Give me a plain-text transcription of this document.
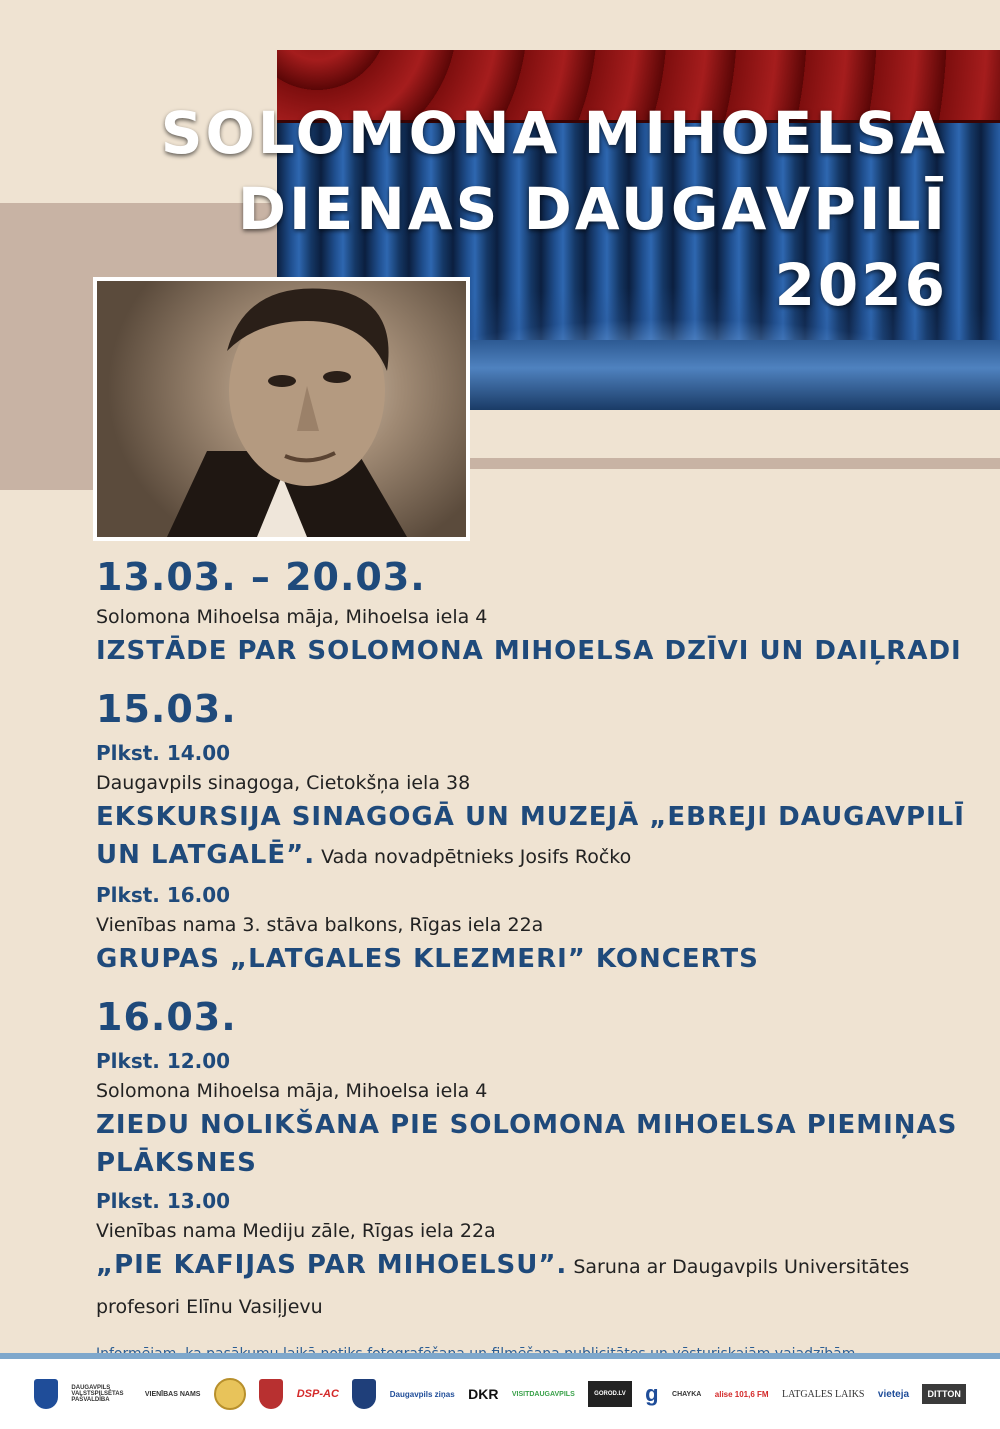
SOLOMONA MIHOELSA
DIENAS DAUGAVPILĪ
2026
13.03. – 20.03.
Solomona Mihoelsa māja, Mihoelsa iela 4
IZSTĀDE PAR SOLOMONA MIHOELSA DZĪVI UN DAIĻRADI
15.03.
Plkst. 14.00
Daugavpils sinagoga, Cietokšņa iela 38
EKSKURSIJA SINAGOGĀ UN MUZEJĀ „EBREJI DAUGAVPILĪ UN LATGALĒ”. Vada novadpētnieks Josifs Ročko
Plkst. 16.00
Vienības nama 3. stāva balkons, Rīgas iela 22a
GRUPAS „LATGALES KLEZMERI” KONCERTS
16.03.
Plkst. 12.00
Solomona Mihoelsa māja, Mihoelsa iela 4
ZIEDU NOLIKŠANA PIE SOLOMONA MIHOELSA PIEMIŅAS PLĀKSNES
Plkst. 13.00
Vienības nama Mediju zāle, Rīgas iela 22a
„PIE KAFIJAS PAR MIHOELSU”. Saruna ar Daugavpils Universitātes profesori Elīnu Vasiļjevu
DAUGAVPILS VALSTSPILSĒTAS PAŠVALDĪBA
VIENĪBAS NAMS	DSP-AC	Daugavpils ziņas DKR VISITDAUGAVPILS	GOROD.LV g CHAYKA alise 101,6 FM LATGALES LAIKS vieteja	DITTON
